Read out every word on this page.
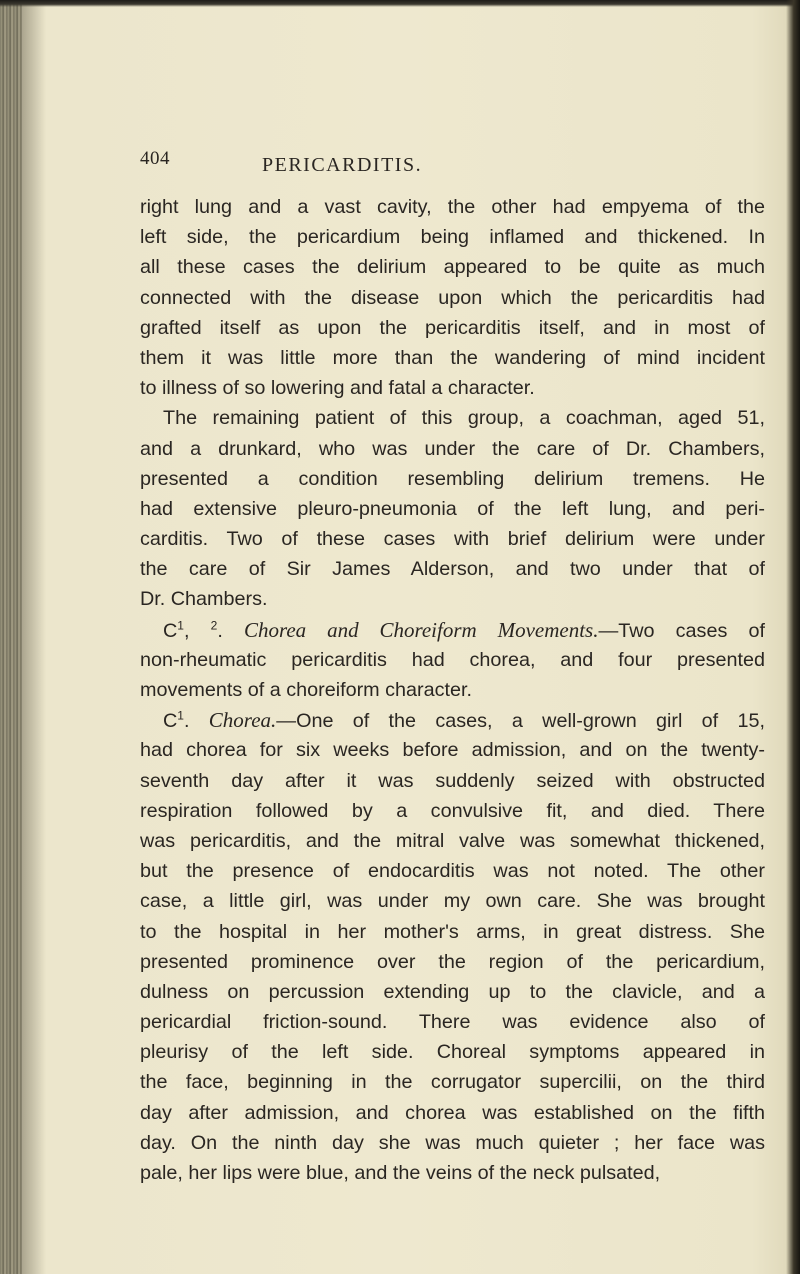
404	PERICARDITIS.
right lung and a vast cavity, the other had empyema of the
left side, the pericardium being inflamed and thickened. In
all these cases the delirium appeared to be quite as much
connected with the disease upon which the pericarditis had
grafted itself as upon the pericarditis itself, and in most of
them it was little more than the wandering of mind incident
to illness of so lowering and fatal a character.
The remaining patient of this group, a coachman, aged 51,
and a drunkard, who was under the care of Dr. Chambers,
presented a condition resembling delirium tremens. He
had extensive pleuro-pneumonia of the left lung, and peri-
carditis. Two of these cases with brief delirium were under
the care of Sir James Alderson, and two under that of
Dr. Chambers.
$C^1$, $^2$. Chorea and Choreiform Movements.—Two cases of
non-rheumatic pericarditis had chorea, and four presented
movements of a choreiform character.
$C^1$. Chorea.—One of the cases, a well-grown girl of 15,
had chorea for six weeks before admission, and on the twenty-
seventh day after it was suddenly seized with obstructed
respiration followed by a convulsive fit, and died. There
was pericarditis, and the mitral valve was somewhat thickened,
but the presence of endocarditis was not noted. The other
case, a little girl, was under my own care. She was brought
to the hospital in her mother's arms, in great distress. She
presented prominence over the region of the pericardium,
dulness on percussion extending up to the clavicle, and a
pericardial friction-sound. There was evidence also of
pleurisy of the left side. Choreal symptoms appeared in
the face, beginning in the corrugator supercilii, on the third
day after admission, and chorea was established on the fifth
day. On the ninth day she was much quieter ; her face was
pale, her lips were blue, and the veins of the neck pulsated,
